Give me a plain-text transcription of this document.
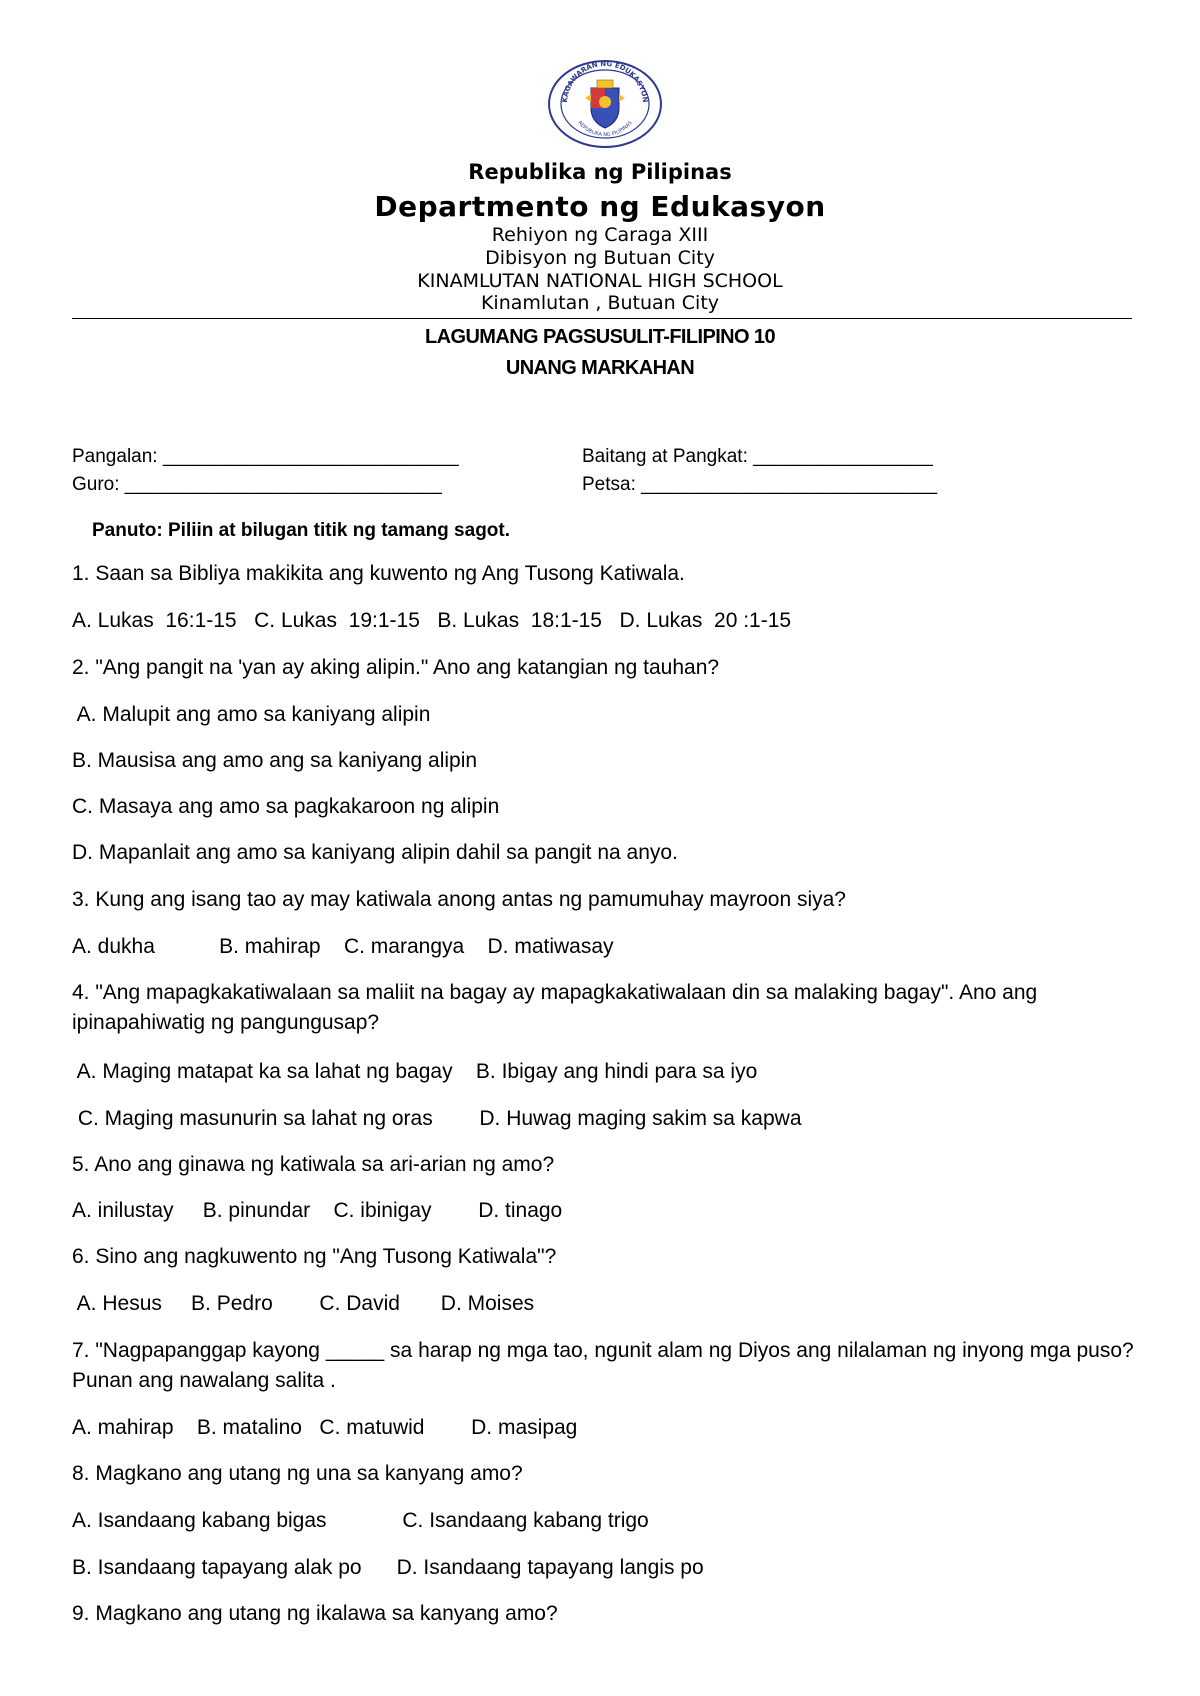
KAGAWARAN NG EDUKASYON
REPUBLIKA NG PILIPINAS
Republika ng Pilipinas
Departmento ng Edukasyon
Rehiyon ng Caraga XIII
Dibisyon ng Butuan City
KINAMLUTAN NATIONAL HIGH SCHOOL
Kinamlutan , Butuan City
LAGUMANG PAGSUSULIT-FILIPINO 10
UNANG MARKAHAN
Pangalan: ____________________________	Baitang at Pangkat: _________________
Guro: ______________________________	Petsa: ____________________________
Panuto: Piliin at bilugan titik ng tamang sagot.
1. Saan sa Bibliya makikita ang kuwento ng Ang Tusong Katiwala.
A. Lukas  16:1-15   C. Lukas  19:1-15   B. Lukas  18:1-15   D. Lukas  20 :1-15
2. "Ang pangit na 'yan ay aking alipin." Ano ang katangian ng tauhan?
A. Malupit ang amo sa kaniyang alipin
B. Mausisa ang amo ang sa kaniyang alipin
C. Masaya ang amo sa pagkakaroon ng alipin
D. Mapanlait ang amo sa kaniyang alipin dahil sa pangit na anyo.
3. Kung ang isang tao ay may katiwala anong antas ng pamumuhay mayroon siya?
A. dukha           B. mahirap    C. marangya    D. matiwasay
4. "Ang mapagkakatiwalaan sa maliit na bagay ay mapagkakatiwalaan din sa malaking bagay". Ano ang ipinapahiwatig ng pangungusap?
A. Maging matapat ka sa lahat ng bagay    B. Ibigay ang hindi para sa iyo
C. Maging masunurin sa lahat ng oras        D. Huwag maging sakim sa kapwa
5. Ano ang ginawa ng katiwala sa ari-arian ng amo?
A. inilustay     B. pinundar    C. ibinigay        D. tinago
6. Sino ang nagkuwento ng "Ang Tusong Katiwala"?
A. Hesus     B. Pedro        C. David       D. Moises
7. "Nagpapanggap kayong _____ sa harap ng mga tao, ngunit alam ng Diyos ang nilalaman ng inyong mga puso? Punan ang nawalang salita .
A. mahirap    B. matalino   C. matuwid        D. masipag
8. Magkano ang utang ng una sa kanyang amo?
A. Isandaang kabang bigas             C. Isandaang kabang trigo
B. Isandaang tapayang alak po      D. Isandaang tapayang langis po
9. Magkano ang utang ng ikalawa sa kanyang amo?
